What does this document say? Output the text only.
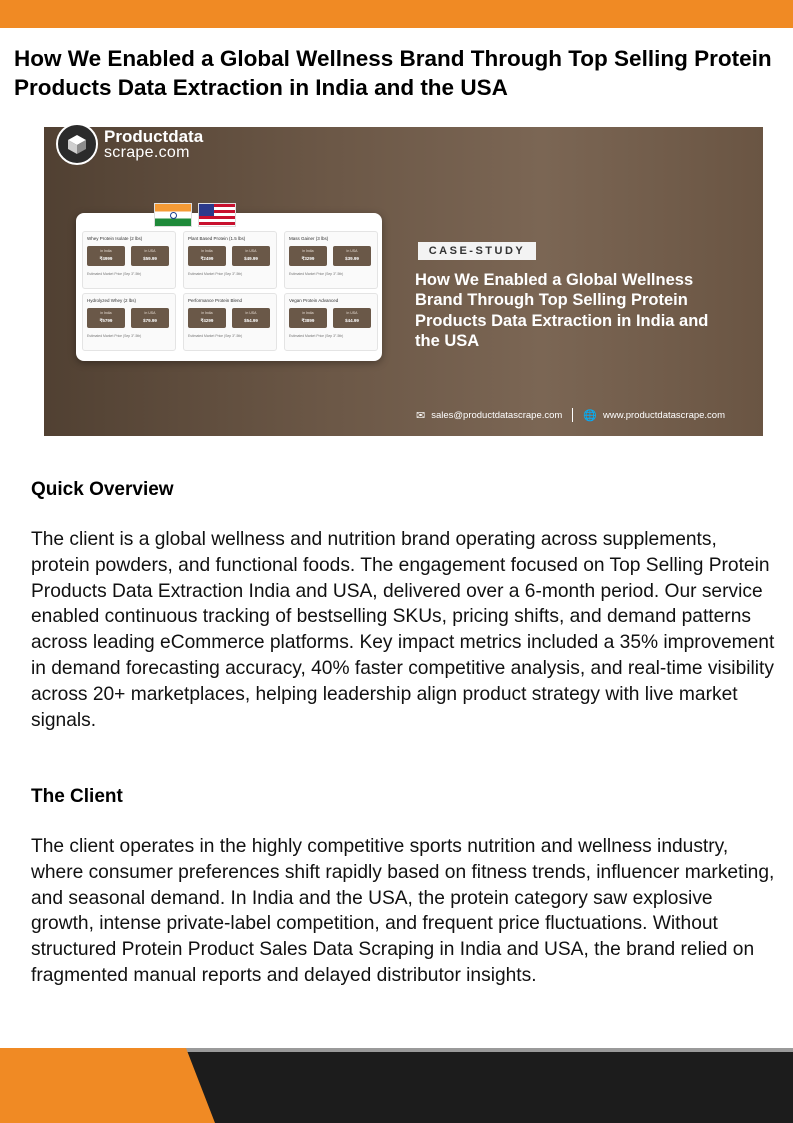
How We Enabled a Global Wellness Brand Through Top Selling Protein Products Data Extraction in India and the USA
Productdata
scrape.com
Whey Protein Isolate (2 lbs)
in India
₹4999
in USA
$59.99
Estimated Market Price (Sep 3°-5th)
Plant Based Protein (1.5 lbs)
in India
₹2499
in USA
$49.99
Estimated Market Price (Sep 3°-5th)
Mass Gainer (3 lbs)
in India
₹3299
in USA
$39.99
Estimated Market Price (Sep 3°-5th)
Hydrolyzed Whey (2 lbs)
in India
₹5799
in USA
$79.99
Estimated Market Price (Sep 3°-5th)
Performance Protein Blend
in India
₹4299
in USA
$54.99
Estimated Market Price (Sep 3°-5th)
Vegan Protein Advanced
in India
₹3899
in USA
$44.99
Estimated Market Price (Sep 3°-5th)
CASE-STUDY
How We Enabled a Global Wellness Brand Through Top Selling Protein Products Data Extraction in India and the USA
✉ sales@productdatascrape.com 🌐 www.productdatascrape.com
Quick Overview

The client is a global wellness and nutrition brand operating across supplements, protein powders, and functional foods. The engagement focused on Top Selling Protein Products Data Extraction India and USA, delivered over a 6-month period. Our service enabled continuous tracking of bestselling SKUs, pricing shifts, and demand patterns across leading eCommerce platforms. Key impact metrics included a 35% improvement in demand forecasting accuracy, 40% faster competitive analysis, and real-time visibility across 20+ marketplaces, helping leadership align product strategy with live market signals.

The Client

The client operates in the highly competitive sports nutrition and wellness industry, where consumer preferences shift rapidly based on fitness trends, influencer marketing, and seasonal demand. In India and the USA, the protein category saw explosive growth, intense private-label competition, and frequent price fluctuations. Without structured Protein Product Sales Data Scraping in India and USA, the brand relied on fragmented manual reports and delayed distributor insights.
